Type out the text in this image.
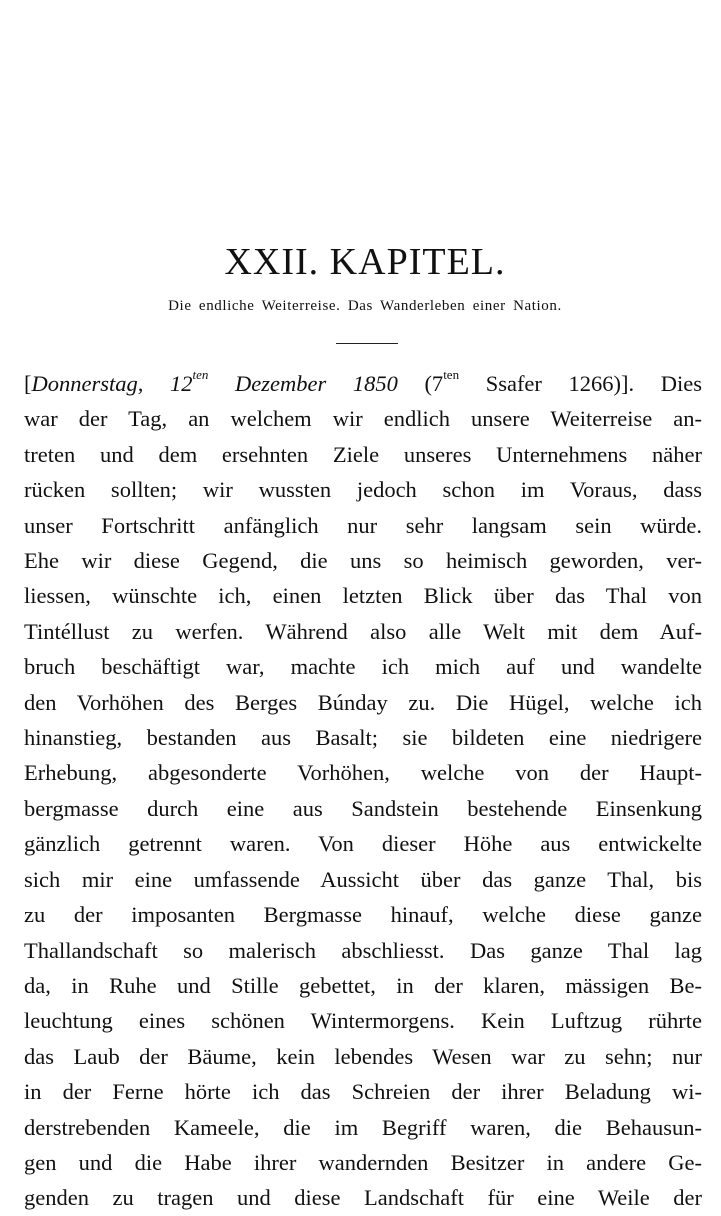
XXII. KAPITEL.
Die endliche Weiterreise. Das Wanderleben einer Nation.
[Donnerstag, $12^{ten}$ Dezember 1850 ($7^{ten}$ Ssafer 1266)]. Dies
war der Tag, an welchem wir endlich unsere Weiterreise an-
treten und dem ersehnten Ziele unseres Unternehmens näher
rücken sollten; wir wussten jedoch schon im Voraus, dass
unser Fortschritt anfänglich nur sehr langsam sein würde.
Ehe wir diese Gegend, die uns so heimisch geworden, ver-
liessen, wünschte ich, einen letzten Blick über das Thal von
Tintéllust zu werfen. Während also alle Welt mit dem Auf-
bruch beschäftigt war, machte ich mich auf und wandelte
den Vorhöhen des Berges Búnday zu. Die Hügel, welche ich
hinanstieg, bestanden aus Basalt; sie bildeten eine niedrigere
Erhebung, abgesonderte Vorhöhen, welche von der Haupt-
bergmasse durch eine aus Sandstein bestehende Einsenkung
gänzlich getrennt waren. Von dieser Höhe aus entwickelte
sich mir eine umfassende Aussicht über das ganze Thal, bis
zu der imposanten Bergmasse hinauf, welche diese ganze
Thallandschaft so malerisch abschliesst. Das ganze Thal lag
da, in Ruhe und Stille gebettet, in der klaren, mässigen Be-
leuchtung eines schönen Wintermorgens. Kein Luftzug rührte
das Laub der Bäume, kein lebendes Wesen war zu sehn; nur
in der Ferne hörte ich das Schreien der ihrer Beladung wi-
derstrebenden Kameele, die im Begriff waren, die Behausun-
gen und die Habe ihrer wandernden Besitzer in andere Ge-
genden zu tragen und diese Landschaft für eine Weile der
